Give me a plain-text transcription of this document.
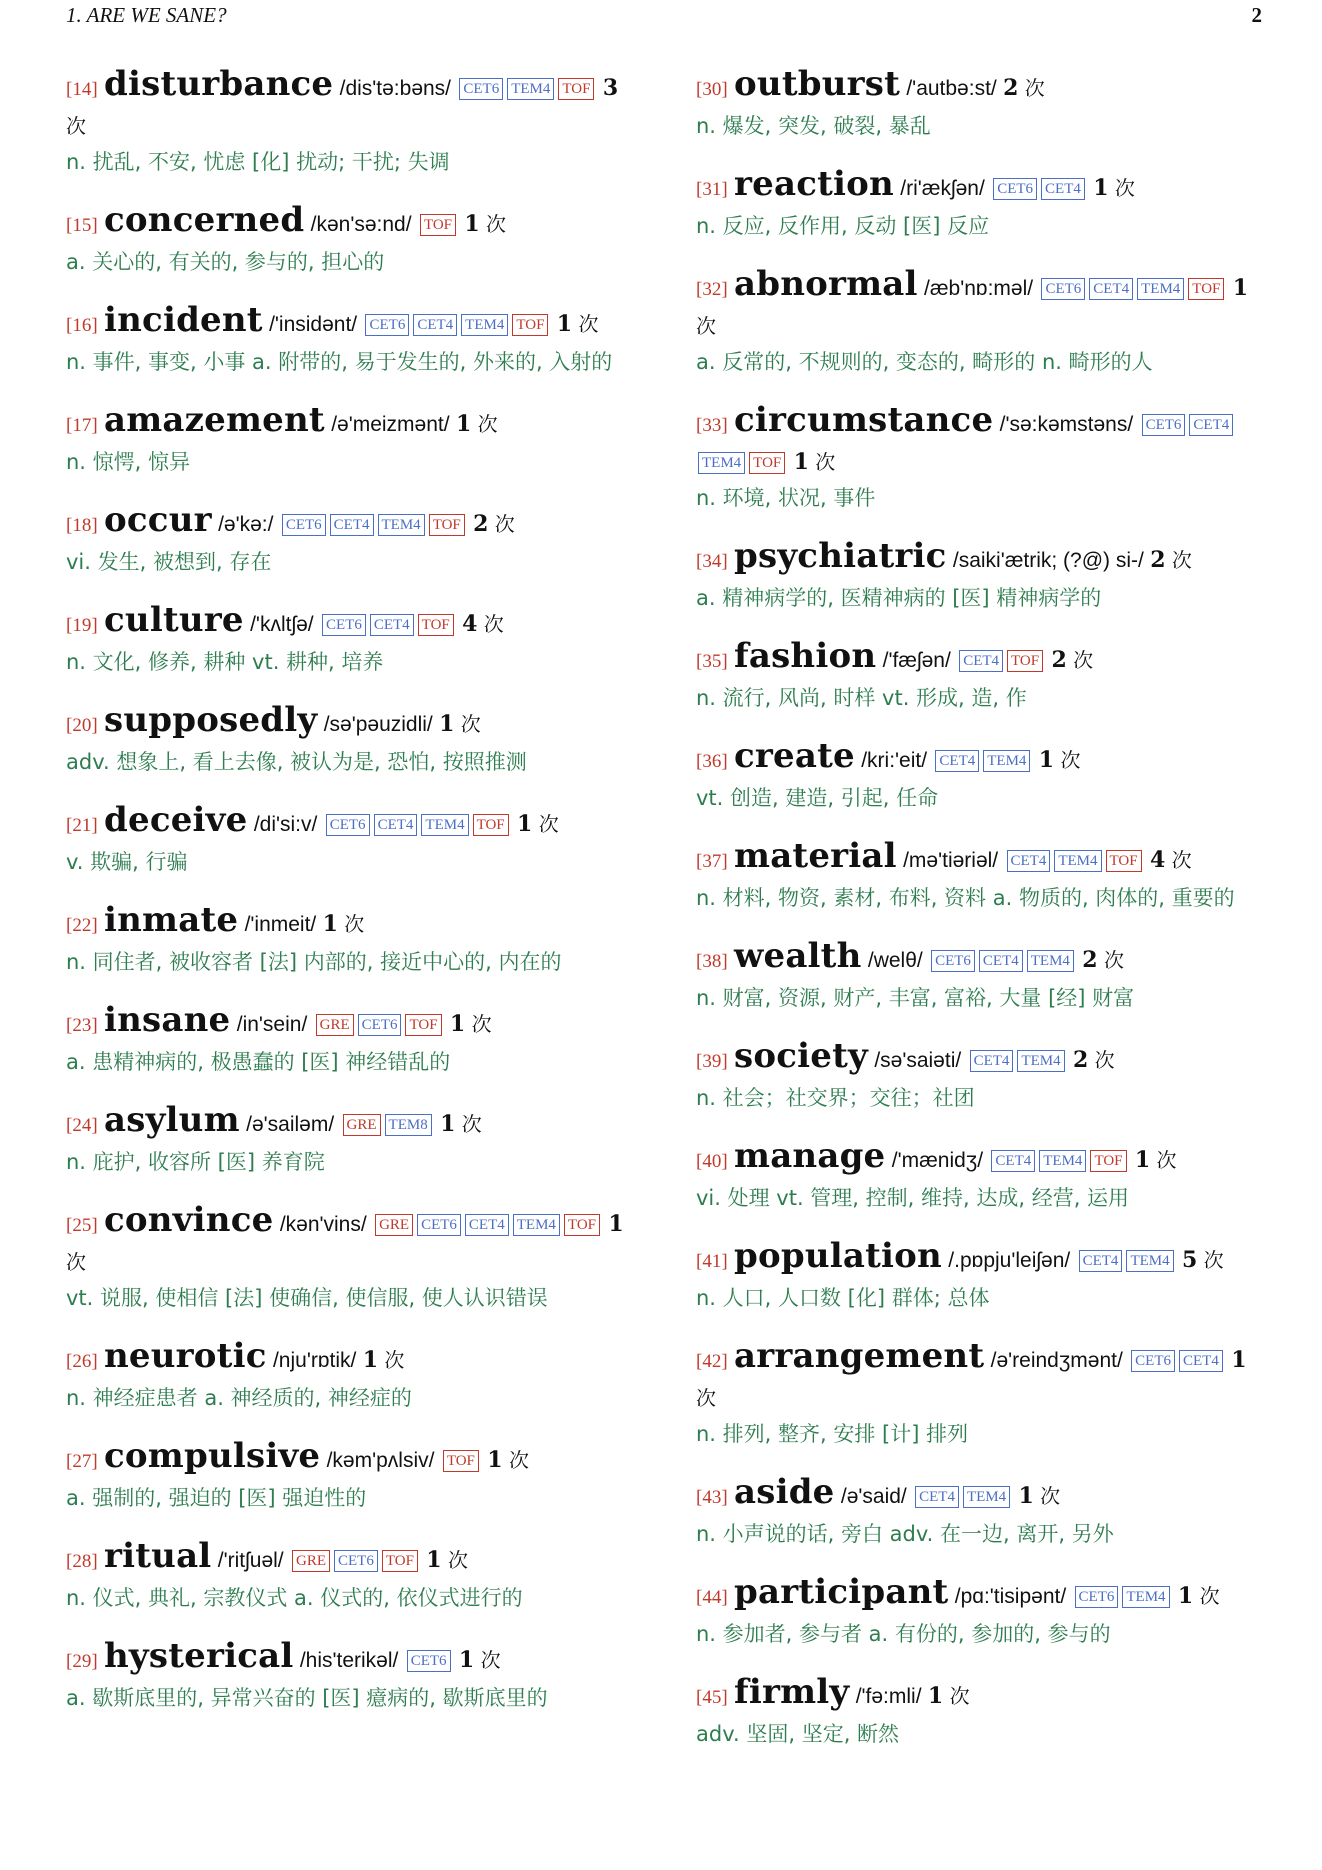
1. ARE WE SANE?	2

[14] disturbance /dis'tə:bəns/ CET6 TEM4 TOF 3 次

n. 扰乱, 不安, 忧虑 [化] 扰动; 干扰; 失调

[15] concerned /kən'sə:nd/ TOF 1 次

a. 关心的, 有关的, 参与的, 担心的

[16] incident /'insidənt/ CET6 CET4 TEM4 TOF 1 次

n. 事件, 事变, 小事 a. 附带的, 易于发生的, 外来的, 入射的

[17] amazement /ə'meizmənt/ 1 次

n. 惊愕, 惊异

[18] occur /ə'kə:/ CET6 CET4 TEM4 TOF 2 次

vi. 发生, 被想到, 存在

[19] culture /'kʌltʃə/ CET6 CET4 TOF 4 次

n. 文化, 修养, 耕种 vt. 耕种, 培养

[20] supposedly /sə'pəuzidli/ 1 次

adv. 想象上, 看上去像, 被认为是, 恐怕, 按照推测

[21] deceive /di'si:v/ CET6 CET4 TEM4 TOF 1 次

v. 欺骗, 行骗

[22] inmate /'inmeit/ 1 次

n. 同住者, 被收容者 [法] 内部的, 接近中心的, 内在的

[23] insane /in'sein/ GRE CET6 TOF 1 次

a. 患精神病的, 极愚蠢的 [医] 神经错乱的

[24] asylum /ə'sailəm/ GRE TEM8 1 次

n. 庇护, 收容所 [医] 养育院

[25] convince /kən'vins/ GRE CET6 CET4 TEM4 TOF 1 次

vt. 说服, 使相信 [法] 使确信, 使信服, 使人认识错误

[26] neurotic /nju'rɒtik/ 1 次

n. 神经症患者 a. 神经质的, 神经症的

[27] compulsive /kəm'pʌlsiv/ TOF 1 次

a. 强制的, 强迫的 [医] 强迫性的

[28] ritual /'ritʃuəl/ GRE CET6 TOF 1 次

n. 仪式, 典礼, 宗教仪式 a. 仪式的, 依仪式进行的

[29] hysterical /his'terikəl/ CET6 1 次

a. 歇斯底里的, 异常兴奋的 [医] 癔病的, 歇斯底里的

[30] outburst /'autbə:st/ 2 次

n. 爆发, 突发, 破裂, 暴乱

[31] reaction /ri'ækʃən/ CET6 CET4 1 次

n. 反应, 反作用, 反动 [医] 反应

[32] abnormal /æb'nɒ:məl/ CET6 CET4 TEM4 TOF 1 次

a. 反常的, 不规则的, 变态的, 畸形的 n. 畸形的人

[33] circumstance /'sə:kəmstəns/ CET6 CET4TEM4 TOF 1 次

n. 环境, 状况, 事件

[34] psychiatric /saiki'ætrik; (?@) si-/ 2 次

a. 精神病学的, 医精神病的 [医] 精神病学的

[35] fashion /'fæʃən/ CET4 TOF 2 次

n. 流行, 风尚, 时样 vt. 形成, 造, 作

[36] create /kri:'eit/ CET4 TEM4 1 次

vt. 创造, 建造, 引起, 任命

[37] material /mə'tiəriəl/ CET4 TEM4 TOF 4 次

n. 材料, 物资, 素材, 布料, 资料 a. 物质的, 肉体的, 重要的

[38] wealth /welθ/ CET6 CET4 TEM4 2 次

n. 财富, 资源, 财产, 丰富, 富裕, 大量 [经] 财富

[39] society /sə'saiəti/ CET4 TEM4 2 次

n. 社会；社交界；交往；社团

[40] manage /'mænidʒ/ CET4 TEM4 TOF 1 次

vi. 处理 vt. 管理, 控制, 维持, 达成, 经营, 运用

[41] population /.pɒpju'leiʃən/ CET4 TEM4 5 次

n. 人口, 人口数 [化] 群体; 总体

[42] arrangement /ə'reindʒmənt/ CET6 CET4 1 次

n. 排列, 整齐, 安排 [计] 排列

[43] aside /ə'said/ CET4 TEM4 1 次

n. 小声说的话, 旁白 adv. 在一边, 离开, 另外

[44] participant /pɑ:'tisipənt/ CET6 TEM4 1 次

n. 参加者, 参与者 a. 有份的, 参加的, 参与的

[45] firmly /'fə:mli/ 1 次

adv. 坚固, 坚定, 断然
